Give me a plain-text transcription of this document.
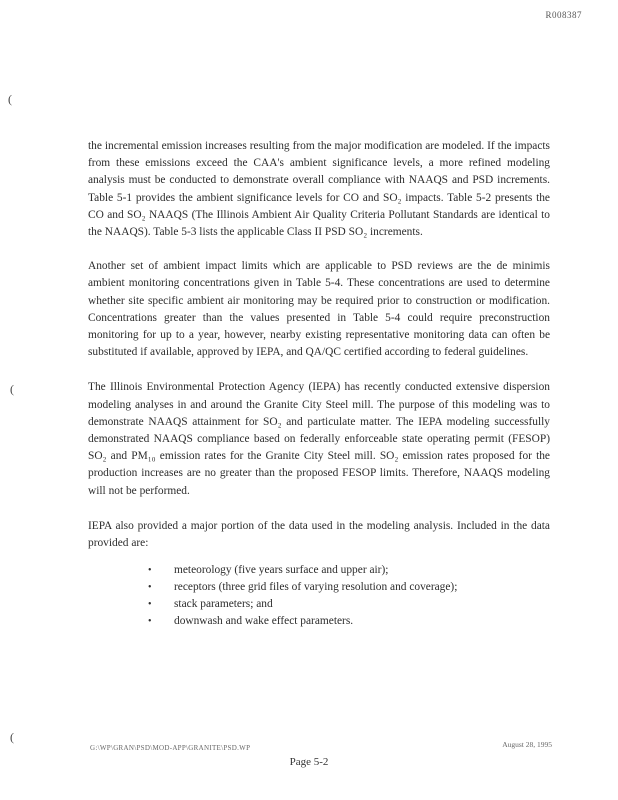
R008387
(
(
(

the incremental emission increases resulting from the major modification are modeled. If the impacts from these emissions exceed the CAA's ambient significance levels, a more refined modeling analysis must be conducted to demonstrate overall compliance with NAAQS and PSD increments. Table 5-1 provides the ambient significance levels for CO and SO₂ impacts. Table 5-2 presents the CO and SO₂ NAAQS (The Illinois Ambient Air Quality Criteria Pollutant Standards are identical to the NAAQS). Table 5-3 lists the applicable Class II PSD SO₂ increments.

Another set of ambient impact limits which are applicable to PSD reviews are the de minimis ambient monitoring concentrations given in Table 5-4. These concentrations are used to determine whether site specific ambient air monitoring may be required prior to construction or modification. Concentrations greater than the values presented in Table 5-4 could require preconstruction monitoring for up to a year, however, nearby existing representative monitoring data can often be substituted if available, approved by IEPA, and QA/QC certified according to federal guidelines.

The Illinois Environmental Protection Agency (IEPA) has recently conducted extensive dispersion modeling analyses in and around the Granite City Steel mill. The purpose of this modeling was to demonstrate NAAQS attainment for SO₂ and particulate matter. The IEPA modeling successfully demonstrated NAAQS compliance based on federally enforceable state operating permit (FESOP) SO₂ and PM₁₀ emission rates for the Granite City Steel mill. SO₂ emission rates proposed for the production increases are no greater than the proposed FESOP limits. Therefore, NAAQS modeling will not be performed.

IEPA also provided a major portion of the data used in the modeling analysis. Included in the data provided are:

• meteorology (five years surface and upper air);
• receptors (three grid files of varying resolution and coverage);
• stack parameters; and
• downwash and wake effect parameters.
G:\WP\GRAN\PSD\MOD-APP\GRANITE\PSD.WP	August 28, 1995
Page 5-2
